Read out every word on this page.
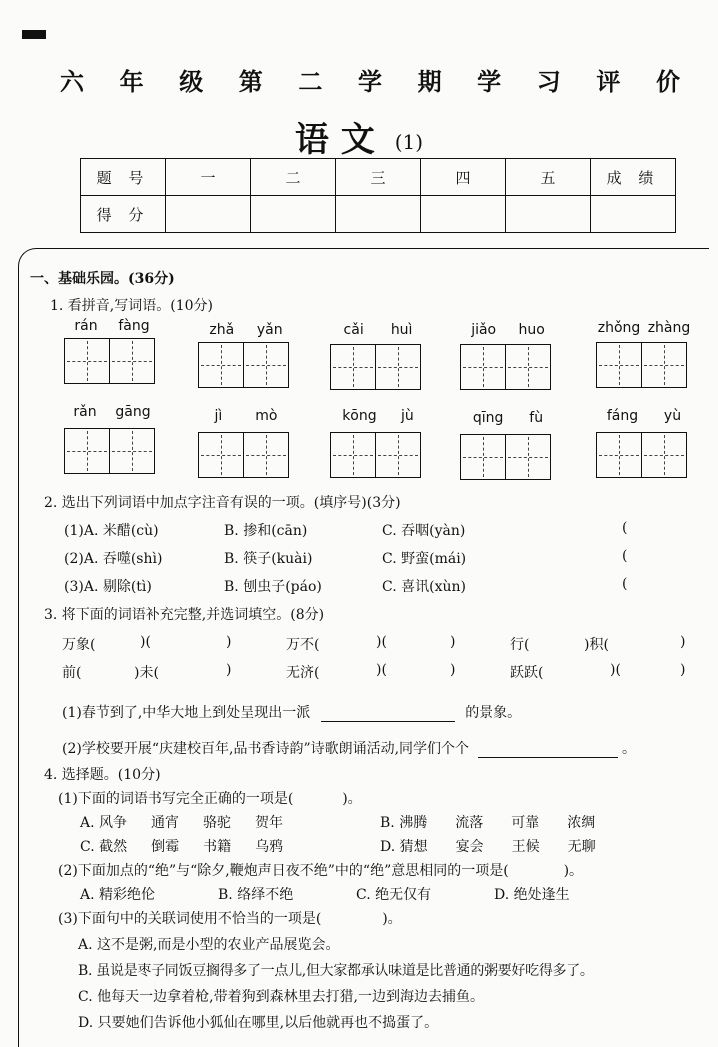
六 年 级 第 二 学 期 学 习 评 价
语 文 (1)
题 号	一	二	三	四	五	成 绩
得 分						
一、基础乐园。(36分)
1. 看拼音,写词语。(10分)
rán fàng	zhǎ yǎn	cǎi huì	jiǎo huo	zhǒng zhàng
rǎn gāng	jì mò	kōng jù	qīng fù	fáng yù
2. 选出下列词语中加点字注音有误的一项。(填序号)(3分)
(1)A. 米醋(cù)	B. 掺和(cān)	C. 吞咽(yàn)	(
(2)A. 吞噬(shì)	B. 筷子(kuài)	C. 野蛮(mái)	(
(3)A. 剔除(tì)	B. 刨虫子(páo)	C. 喜讯(xùn)	(
3. 将下面的词语补充完整,并选词填空。(8分)
万象(	)(	)	万不(	)(	)	行(	)积(	)
前(	)未(	)	无济(	)(	)	跃跃(	)(	)
(1)春节到了,中华大地上到处呈现出一派	的景象。
(2)学校要开展“庆建校百年,品书香诗韵”诗歌朗诵活动,同学们个个	。
4. 选择题。(10分)
(1)下面的词语书写完全正确的一项是(	)。
A. 风争 通宵 骆驼 贺年	B. 沸腾 流落 可靠 浓绸
C. 截然 倒霉 书籍 乌鸦	D. 猜想 宴会 王候 无聊
(2)下面加点的“绝”与“除夕,鞭炮声日夜不绝”中的“绝”意思相同的一项是(	)。
A. 精彩绝伦	B. 络绎不绝	C. 绝无仅有	D. 绝处逢生
(3)下面句中的关联词使用不恰当的一项是(	)。
A. 这不是粥,而是小型的农业产品展览会。
B. 虽说是枣子同饭豆搁得多了一点儿,但大家都承认味道是比普通的粥要好吃得多了。
C. 他每天一边拿着枪,带着狗到森林里去打猎,一边到海边去捕鱼。
D. 只要她们告诉他小狐仙在哪里,以后他就再也不捣蛋了。
